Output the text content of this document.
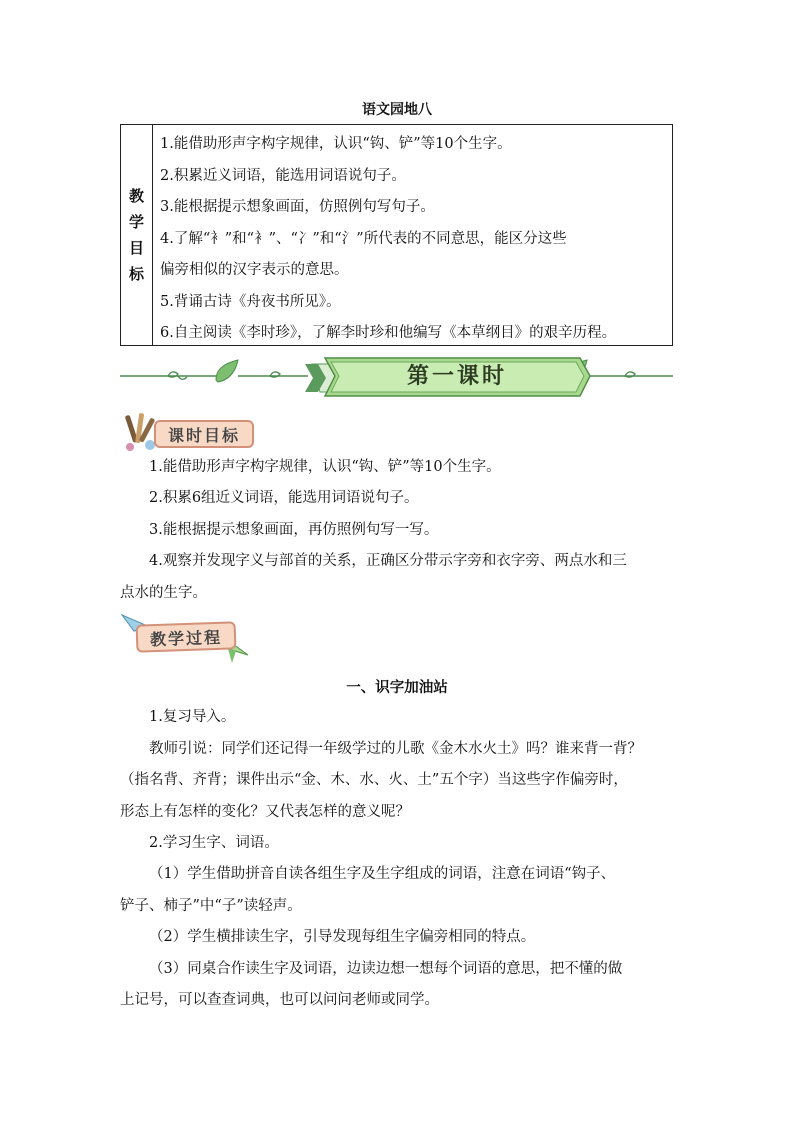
语文园地八
教
学
目
标
1.能借助形声字构字规律，认识“钩、铲”等10个生字。
2.积累近义词语，能选用词语说句子。
3.能根据提示想象画面，仿照例句写句子。
4.了解“衤”和“衤”、“冫”和“氵”所代表的不同意思，能区分这些
偏旁相似的汉字表示的意思。
5.背诵古诗《舟夜书所见》。
6.自主阅读《李时珍》，了解李时珍和他编写《本草纲目》的艰辛历程。
第一课时
课时目标
1.能借助形声字构字规律，认识“钩、铲”等10个生字。
2.积累6组近义词语，能选用词语说句子。
3.能根据提示想象画面，再仿照例句写一写。
4.观察并发现字义与部首的关系，正确区分带示字旁和衣字旁、两点水和三
点水的生字。
教学过程
一、识字加油站
1.复习导入。
教师引说：同学们还记得一年级学过的儿歌《金木水火土》吗？谁来背一背？
（指名背、齐背；课件出示“金、木、水、火、土”五个字）当这些字作偏旁时，
形态上有怎样的变化？又代表怎样的意义呢？
2.学习生字、词语。
（1）学生借助拼音自读各组生字及生字组成的词语，注意在词语“钩子、
铲子、柿子”中“子”读轻声。
（2）学生横排读生字，引导发现每组生字偏旁相同的特点。
（3）同桌合作读生字及词语，边读边想一想每个词语的意思，把不懂的做
上记号，可以查查词典，也可以问问老师或同学。
